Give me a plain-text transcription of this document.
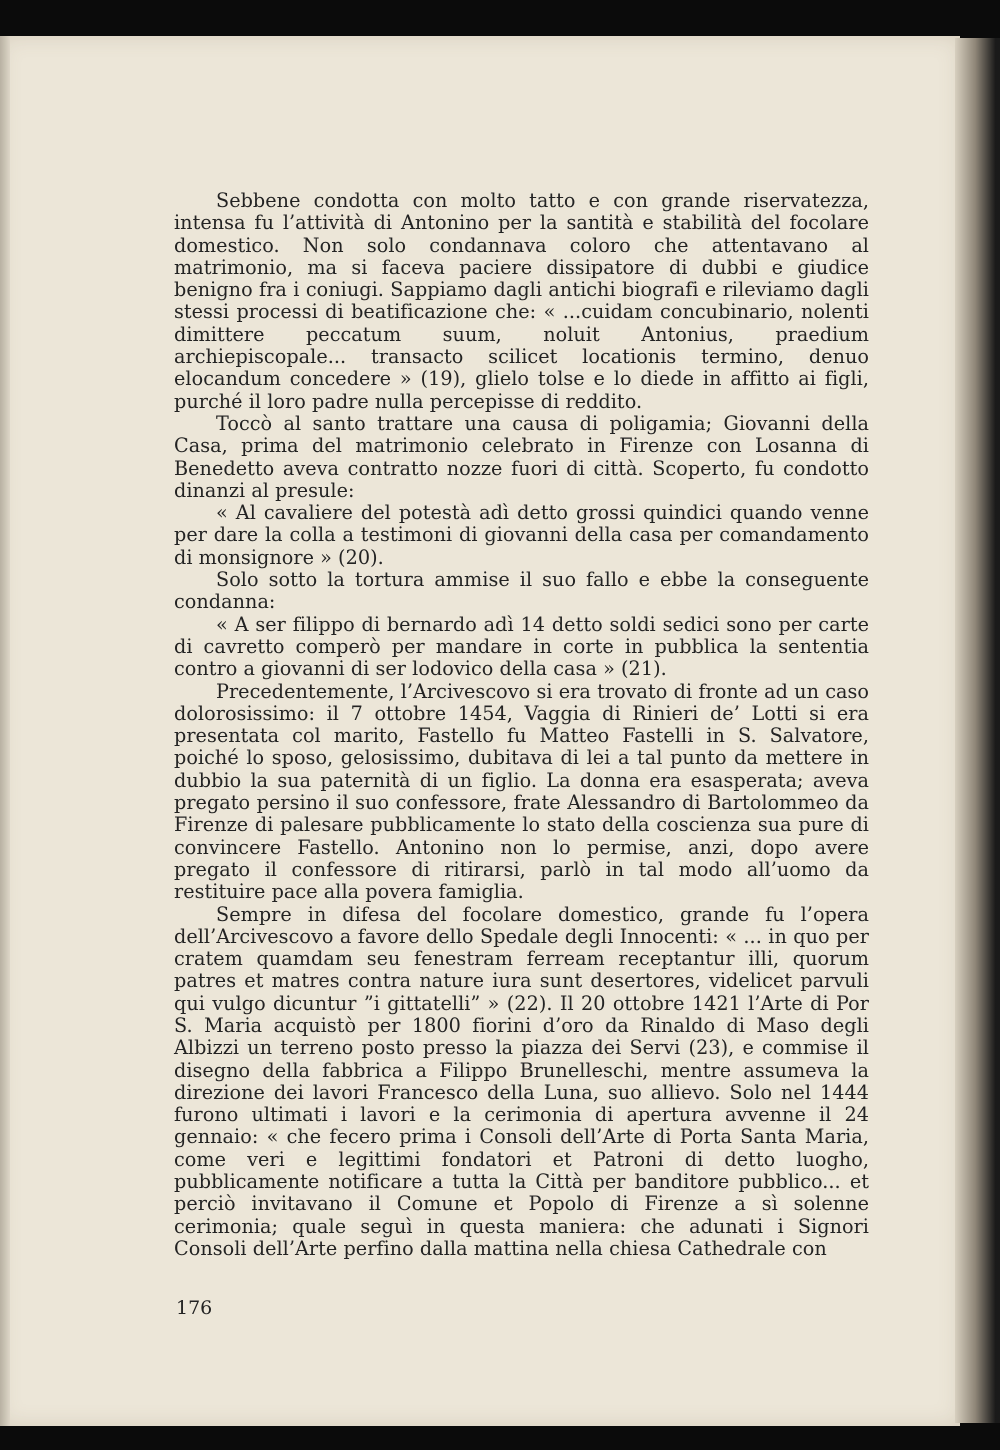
Sebbene condotta con molto tatto e con grande riservatezza, intensa fu l’attività di Antonino per la santità e stabilità del focolare domestico. Non solo condannava coloro che attentavano al matrimonio, ma si faceva paciere dissipatore di dubbi e giudice benigno fra i coniugi. Sappiamo dagli antichi biografi e rileviamo dagli stessi processi di beatificazione che: « ...cuidam concubinario, nolenti dimittere peccatum suum, noluit Antonius, praedium archiepiscopale... transacto scilicet locationis termino, denuo elocandum concedere » (19), glielo tolse e lo diede in affitto ai figli, purché il loro padre nulla percepisse di reddito.

Toccò al santo trattare una causa di poligamia; Giovanni della Casa, prima del matrimonio celebrato in Firenze con Losanna di Benedetto aveva contratto nozze fuori di città. Scoperto, fu condotto dinanzi al presule:

« Al cavaliere del potestà adì detto grossi quindici quando venne per dare la colla a testimoni di giovanni della casa per comandamento di monsignore » (20).

Solo sotto la tortura ammise il suo fallo e ebbe la conseguente condanna:

« A ser filippo di bernardo adì 14 detto soldi sedici sono per carte di cavretto comperò per mandare in corte in pubblica la sententia contro a giovanni di ser lodovico della casa » (21).

Precedentemente, l’Arcivescovo si era trovato di fronte ad un caso dolorosissimo: il 7 ottobre 1454, Vaggia di Rinieri de’ Lotti si era presentata col marito, Fastello fu Matteo Fastelli in S. Salvatore, poiché lo sposo, gelosissimo, dubitava di lei a tal punto da mettere in dubbio la sua paternità di un figlio. La donna era esasperata; aveva pregato persino il suo confessore, frate Alessandro di Bartolommeo da Firenze di palesare pubblicamente lo stato della coscienza sua pure di convincere Fastello. Antonino non lo permise, anzi, dopo avere pregato il confessore di ritirarsi, parlò in tal modo all’uomo da restituire pace alla povera famiglia.

Sempre in difesa del focolare domestico, grande fu l’opera dell’Arcivescovo a favore dello Spedale degli Innocenti: « ... in quo per cratem quamdam seu fenestram ferream receptantur illi, quorum patres et matres contra nature iura sunt desertores, videlicet parvuli qui vulgo dicuntur ”i gittatelli” » (22). Il 20 ottobre 1421 l’Arte di Por S. Maria acquistò per 1800 fiorini d’oro da Rinaldo di Maso degli Albizzi un terreno posto presso la piazza dei Servi (23), e commise il disegno della fabbrica a Filippo Brunelleschi, mentre assumeva la direzione dei lavori Francesco della Luna, suo allievo. Solo nel 1444 furono ultimati i lavori e la cerimonia di apertura avvenne il 24 gennaio: « che fecero prima i Consoli dell’Arte di Porta Santa Maria, come veri e legittimi fondatori et Patroni di detto luogho, pubblicamente notificare a tutta la Città per banditore pubblico... et perciò invitavano il Comune et Popolo di Firenze a sì solenne cerimonia; quale seguì in questa maniera: che adunati i Signori Consoli dell’Arte perfino dalla mattina nella chiesa Cathedrale con

176
